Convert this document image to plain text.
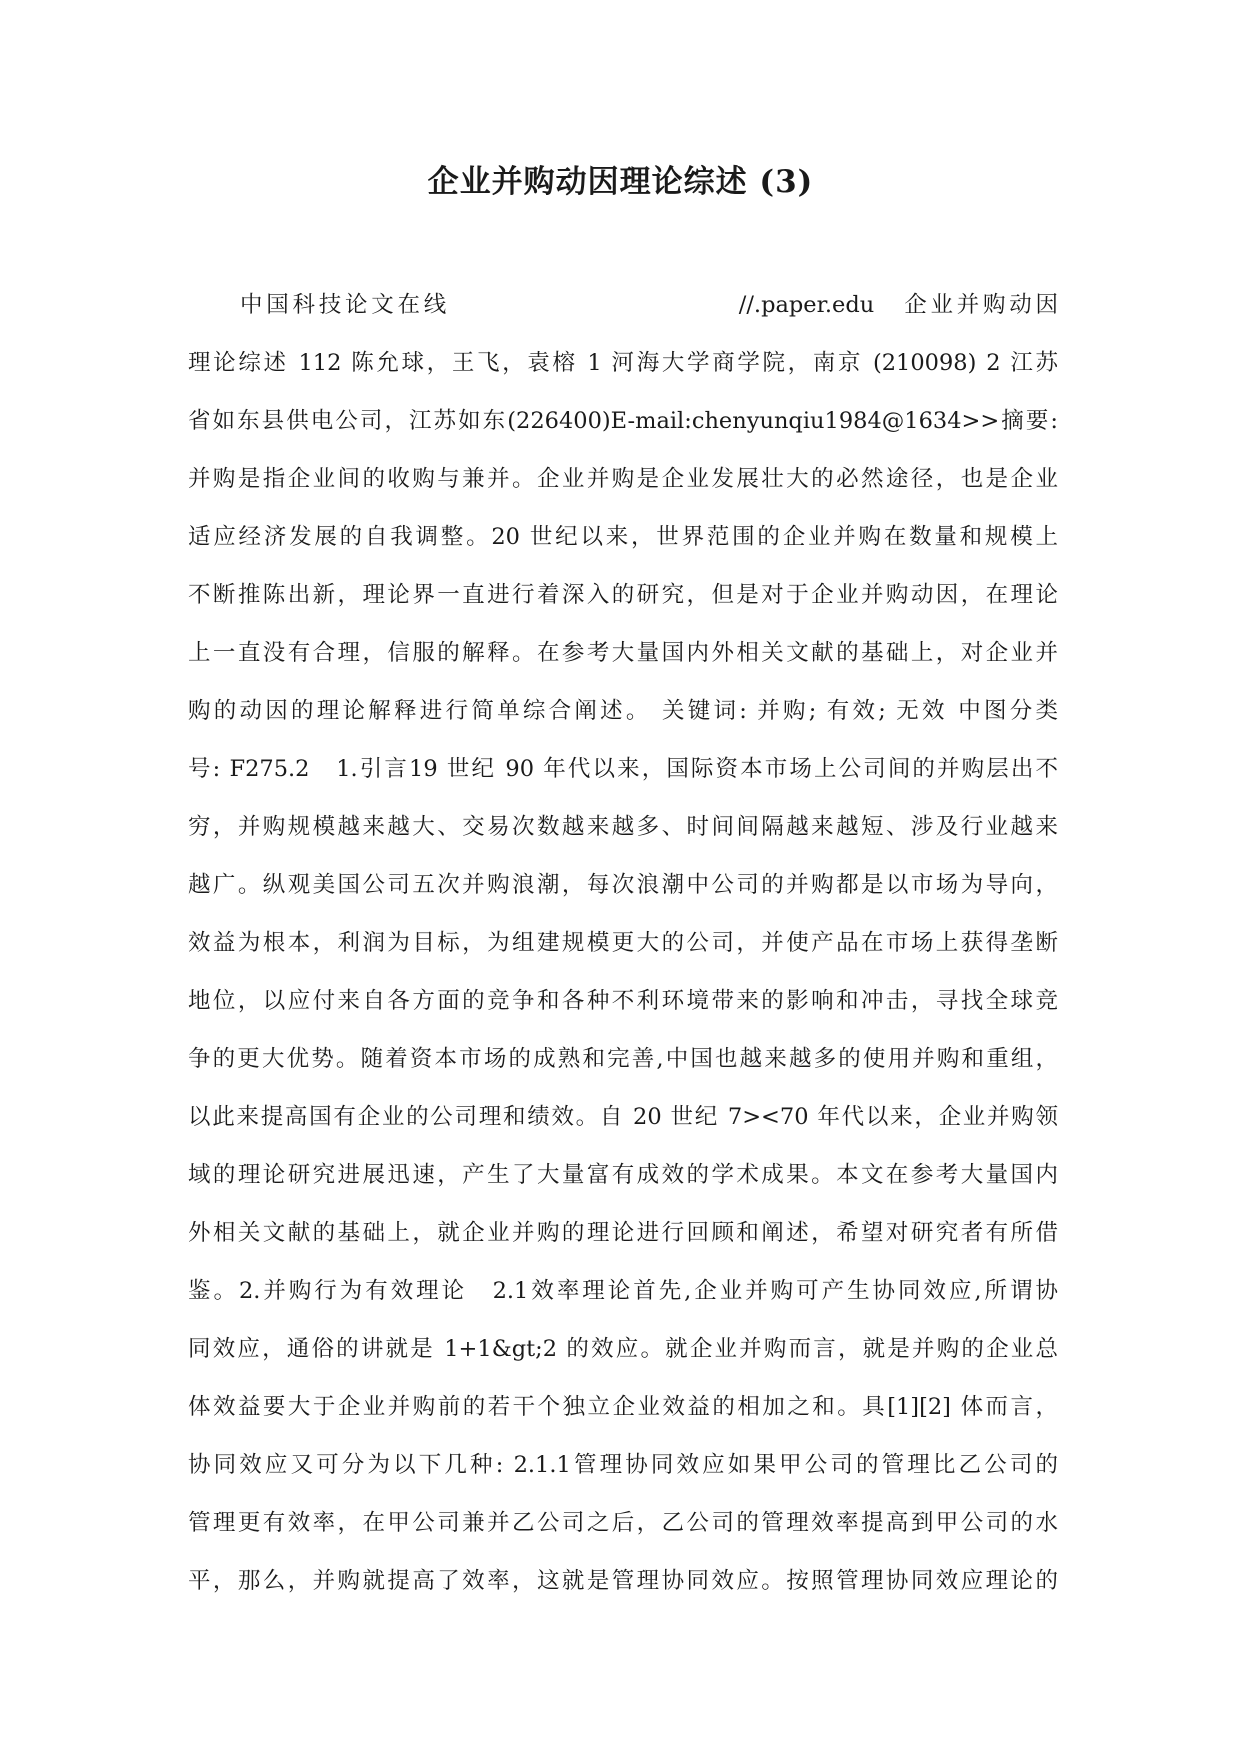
企业并购动因理论综述 (3)
中国科技论文在线　　　　　　　　　　　//.paper.edu　企业并购动因
理论综述 112 陈允球，王飞，袁榕 1 河海大学商学院，南京 (210098) 2 江苏
省如东县供电公司，江苏如东(226400)E-mail:chenyunqiu1984@1634>>摘要:
并购是指企业间的收购与兼并。企业并购是企业发展壮大的必然途径，也是企业
适应经济发展的自我调整。20 世纪以来，世界范围的企业并购在数量和规模上
不断推陈出新，理论界一直进行着深入的研究，但是对于企业并购动因，在理论
上一直没有合理，信服的解释。在参考大量国内外相关文献的基础上，对企业并
购的动因的理论解释进行简单综合阐述。 关键词: 并购; 有效; 无效 中图分类
号: F275.2　1.引言19 世纪 90 年代以来，国际资本市场上公司间的并购层出不
穷，并购规模越来越大、交易次数越来越多、时间间隔越来越短、涉及行业越来
越广。纵观美国公司五次并购浪潮，每次浪潮中公司的并购都是以市场为导向，
效益为根本，利润为目标，为组建规模更大的公司，并使产品在市场上获得垄断
地位，以应付来自各方面的竞争和各种不利环境带来的影响和冲击，寻找全球竞
争的更大优势。随着资本市场的成熟和完善,中国也越来越多的使用并购和重组，
以此来提高国有企业的公司理和绩效。自 20 世纪 7><70 年代以来，企业并购领
域的理论研究进展迅速，产生了大量富有成效的学术成果。本文在参考大量国内
外相关文献的基础上，就企业并购的理论进行回顾和阐述，希望对研究者有所借
鉴。2.并购行为有效理论　2.1效率理论首先,企业并购可产生协同效应,所谓协
同效应，通俗的讲就是 1+1&gt;2 的效应。就企业并购而言，就是并购的企业总
体效益要大于企业并购前的若干个独立企业效益的相加之和。具[1][2] 体而言，
协同效应又可分为以下几种: 2.1.1管理协同效应如果甲公司的管理比乙公司的
管理更有效率，在甲公司兼并乙公司之后，乙公司的管理效率提高到甲公司的水
平，那么，并购就提高了效率，这就是管理协同效应。按照管理协同效应理论的
